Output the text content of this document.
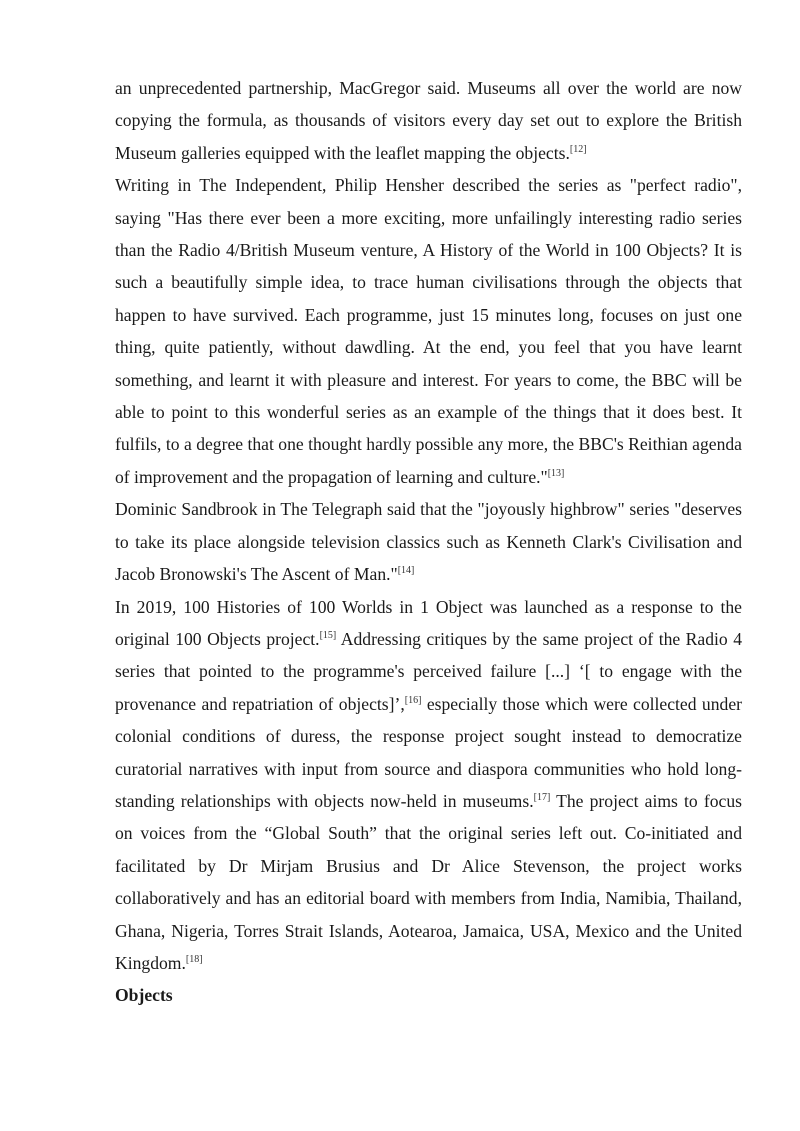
an unprecedented partnership, MacGregor said. Museums all over the world are now copying the formula, as thousands of visitors every day set out to explore the British Museum galleries equipped with the leaflet mapping the objects.[12]

Writing in The Independent, Philip Hensher described the series as "perfect radio", saying "Has there ever been a more exciting, more unfailingly interesting radio series than the Radio 4/British Museum venture, A History of the World in 100 Objects? It is such a beautifully simple idea, to trace human civilisations through the objects that happen to have survived. Each programme, just 15 minutes long, focuses on just one thing, quite patiently, without dawdling. At the end, you feel that you have learnt something, and learnt it with pleasure and interest. For years to come, the BBC will be able to point to this wonderful series as an example of the things that it does best. It fulfils, to a degree that one thought hardly possible any more, the BBC's Reithian agenda of improvement and the propagation of learning and culture."[13]

Dominic Sandbrook in The Telegraph said that the "joyously highbrow" series "deserves to take its place alongside television classics such as Kenneth Clark's Civilisation and Jacob Bronowski's The Ascent of Man."[14]

In 2019, 100 Histories of 100 Worlds in 1 Object was launched as a response to the original 100 Objects project.[15] Addressing critiques by the same project of the Radio 4 series that pointed to the programme's perceived failure [...] ‘[ to engage with the provenance and repatriation of objects]’,[16] especially those which were collected under colonial conditions of duress, the response project sought instead to democratize curatorial narratives with input from source and diaspora communities who hold long-standing relationships with objects now-held in museums.[17] The project aims to focus on voices from the “Global South” that the original series left out. Co-initiated and facilitated by Dr Mirjam Brusius and Dr Alice Stevenson, the project works collaboratively and has an editorial board with members from India, Namibia, Thailand, Ghana, Nigeria, Torres Strait Islands, Aotearoa, Jamaica, USA, Mexico and the United Kingdom.[18]

Objects
